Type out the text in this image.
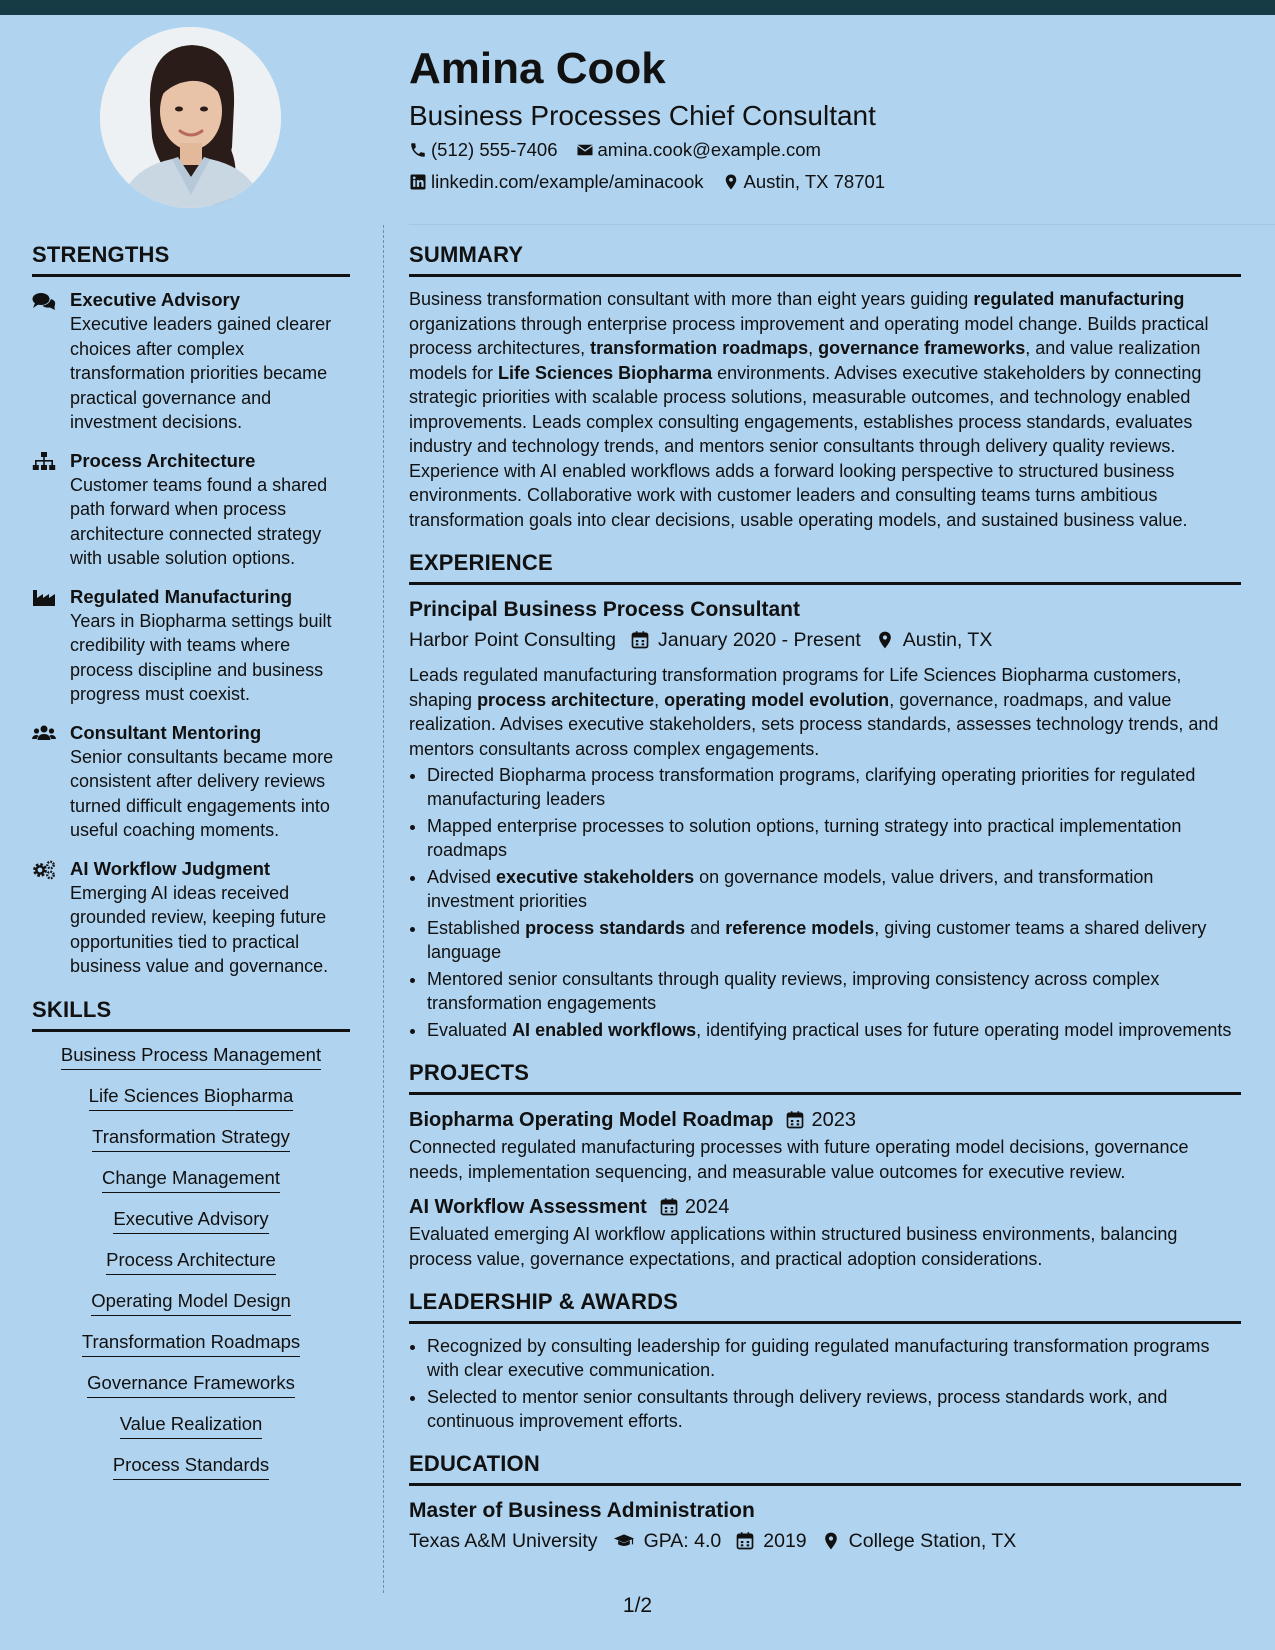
Amina Cook
Business Processes Chief Consultant
(512) 555-7406 amina.cook@example.com
linkedin.com/example/aminacook Austin, TX 78701
STRENGTHS
Executive Advisory
Executive leaders gained clearer choices after complex transformation priorities became practical governance and investment decisions.
Process Architecture
Customer teams found a shared path forward when process architecture connected strategy with usable solution options.
Regulated Manufacturing
Years in Biopharma settings built credibility with teams where process discipline and business progress must coexist.
Consultant Mentoring
Senior consultants became more consistent after delivery reviews turned difficult engagements into useful coaching moments.
AI Workflow Judgment
Emerging AI ideas received grounded review, keeping future opportunities tied to practical business value and governance.
SKILLS
Business Process Management
Life Sciences Biopharma
Transformation Strategy
Change Management
Executive Advisory
Process Architecture
Operating Model Design
Transformation Roadmaps
Governance Frameworks
Value Realization
Process Standards
SUMMARY

Business transformation consultant with more than eight years guiding regulated manufacturing organizations through enterprise process improvement and operating model change. Builds practical process architectures, transformation roadmaps, governance frameworks, and value realization models for Life Sciences Biopharma environments. Advises executive stakeholders by connecting strategic priorities with scalable process solutions, measurable outcomes, and technology enabled improvements. Leads complex consulting engagements, establishes process standards, evaluates industry and technology trends, and mentors senior consultants through delivery quality reviews. Experience with AI enabled workflows adds a forward looking perspective to structured business environments. Collaborative work with customer leaders and consulting teams turns ambitious transformation goals into clear decisions, usable operating models, and sustained business value.

EXPERIENCE
Principal Business Process Consultant
Harbor Point Consulting January 2020 - Present Austin, TX

Leads regulated manufacturing transformation programs for Life Sciences Biopharma customers, shaping process architecture, operating model evolution, governance, roadmaps, and value realization. Advises executive stakeholders, sets process standards, assesses technology trends, and mentors consultants across complex engagements.

• Directed Biopharma process transformation programs, clarifying operating priorities for regulated manufacturing leaders
• Mapped enterprise processes to solution options, turning strategy into practical implementation roadmaps
• Advised executive stakeholders on governance models, value drivers, and transformation investment priorities
• Established process standards and reference models, giving customer teams a shared delivery language
• Mentored senior consultants through quality reviews, improving consistency across complex transformation engagements
• Evaluated AI enabled workflows, identifying practical uses for future operating model improvements
PROJECTS
Biopharma Operating Model Roadmap 2023

Connected regulated manufacturing processes with future operating model decisions, governance needs, implementation sequencing, and measurable value outcomes for executive review.

AI Workflow Assessment 2024

Evaluated emerging AI workflow applications within structured business environments, balancing process value, governance expectations, and practical adoption considerations.

LEADERSHIP & AWARDS
• Recognized by consulting leadership for guiding regulated manufacturing transformation programs with clear executive communication.
• Selected to mentor senior consultants through delivery reviews, process standards work, and continuous improvement efforts.
EDUCATION
Master of Business Administration
Texas A&M University GPA: 4.0 2019 College Station, TX
1/2
